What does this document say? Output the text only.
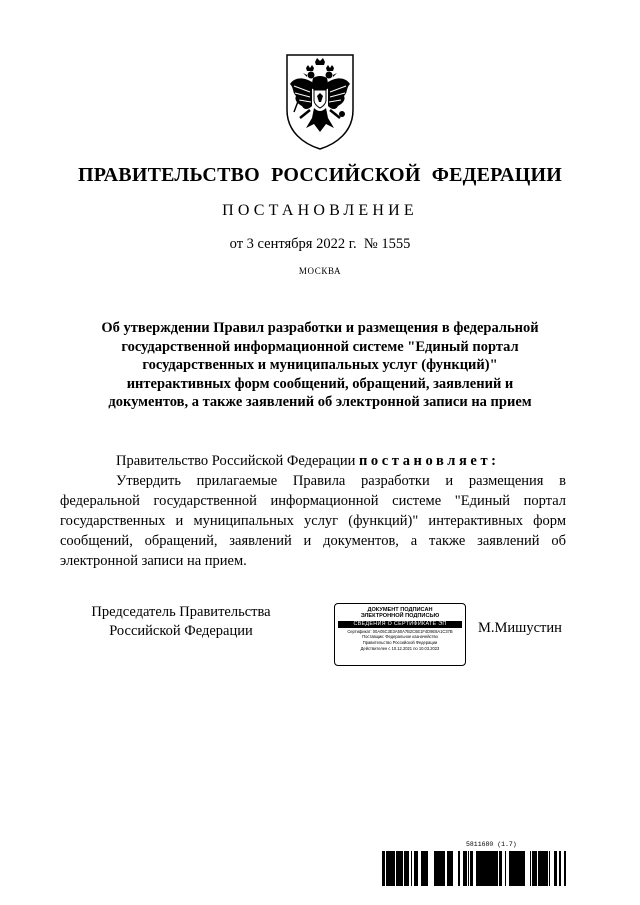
ПРАВИТЕЛЬСТВО РОССИЙСКОЙ ФЕДЕРАЦИИ
ПОСТАНОВЛЕНИЕ
от 3 сентября 2022 г.  № 1555
МОСКВА
Об утверждении Правил разработки и размещения в федеральной государственной информационной системе "Единый портал государственных и муниципальных услуг (функций)" интерактивных форм сообщений, обращений, заявлений и документов, а также заявлений об электронной записи на прием

Правительство Российской Федерации постановляет:

Утвердить прилагаемые Правила разработки и размещения в федеральной государственной информационной системе "Единый портал государственных и муниципальных услуг (функций)" интерактивных форм сообщений, обращений, заявлений и документов, а также заявлений об электронной записи на прием.

Председатель Правительства
Российской Федерации
ДОКУМЕНТ ПОДПИСАН
ЭЛЕКТРОННОЙ ПОДПИСЬЮ
СВЕДЕНИЯ О СЕРТИФИКАТЕ ЭП
Сертификат: 00A05C3E3A50A7B2C6E1F4D9E8A1C37B
Поставщик: Федеральное казначейство
Правительство Российской Федерации
Действителен с 10.12.2021 по 10.03.2023
М.Мишустин
5811680 (1.7)
